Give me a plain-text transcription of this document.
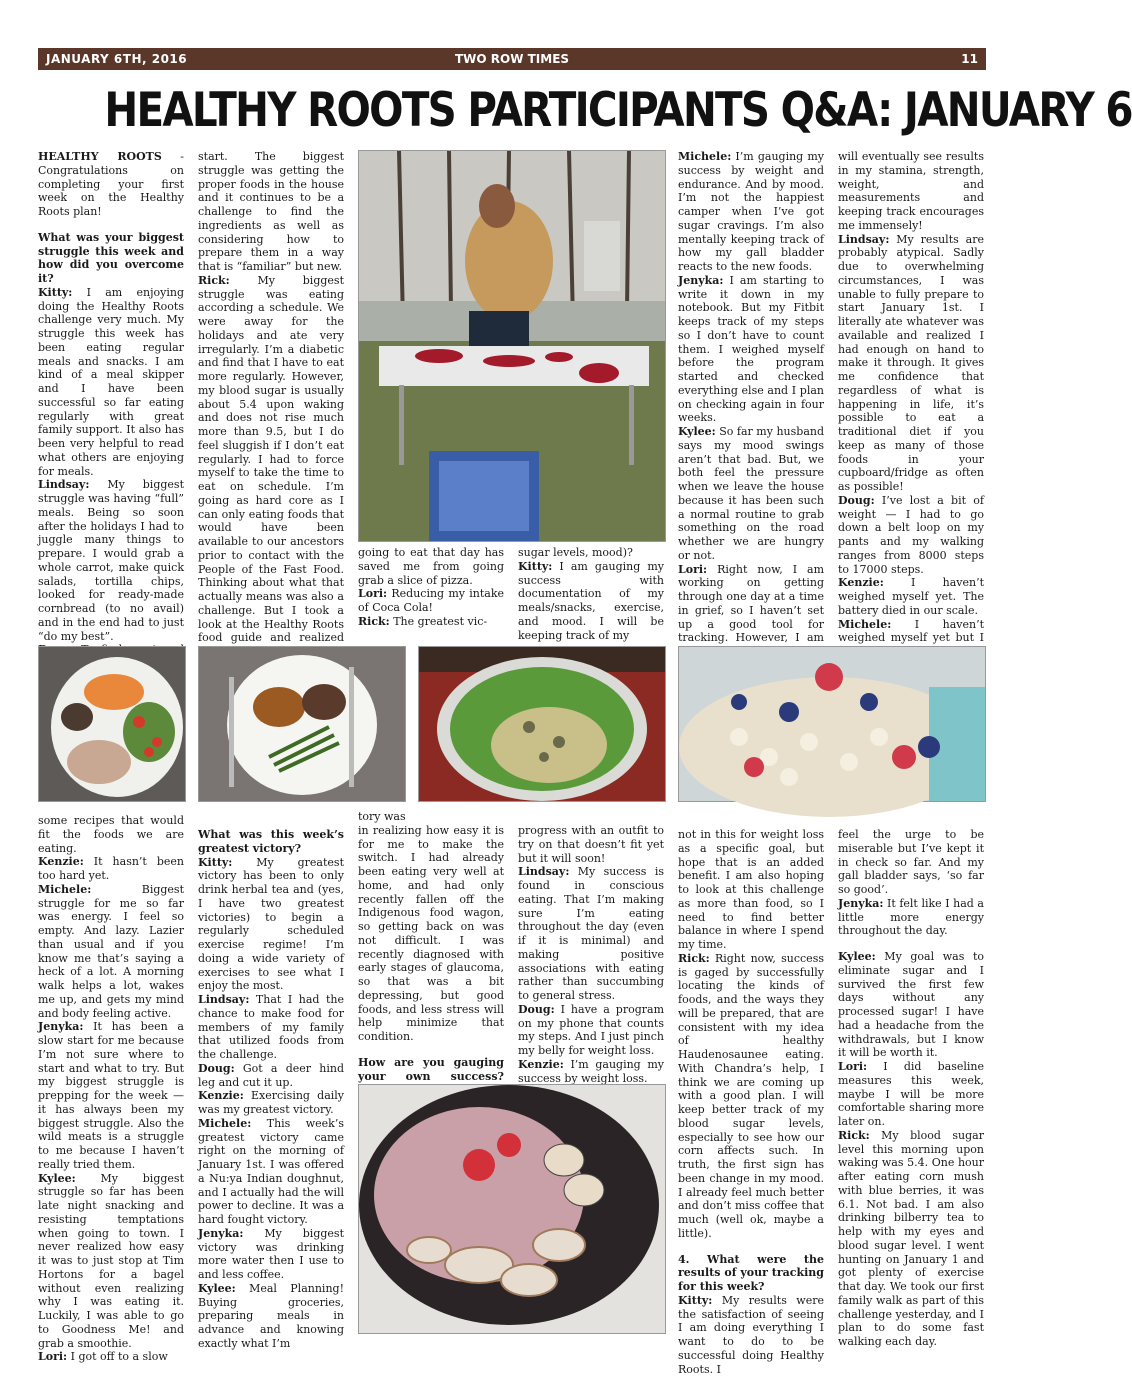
JANUARY 6TH, 2016	TWO ROW TIMES	11
HEALTHY ROOTS PARTICIPANTS Q&A: JANUARY 6

HEALTHY ROOTS - Congratulations on completing your first week on the Healthy Roots plan!

What was your biggest struggle this week and how did you overcome it?

Kitty: I am enjoying doing the Healthy Roots challenge very much. My struggle this week has been eating regular meals and snacks. I am kind of a meal skipper and I have been successful so far eating regularly with great family support. It also has been very helpful to read what others are enjoying for meals.

Lindsay: My biggest struggle was having “full” meals. Being so soon after the holidays I had to juggle many things to prepare. I would grab a whole carrot, make quick salads, tortilla chips, looked for ready-made cornbread (to no avail) and in the end had to just “do my best”.

start. The biggest struggle was getting the proper foods in the house and it continues to be a challenge to find the ingredients as well as considering how to prepare them in a way that is “familiar” but new.

Rick:	My biggest struggle was eating according a schedule. We were away for the holidays and ate very irregularly. I’m a diabetic and find that I have to eat more regularly. However, my blood sugar is usually about 5.4 upon waking and does not rise much more than 9.5, but I do feel sluggish if I don’t eat regularly. I had to force myself to take the time to eat on schedule. I’m going as hard core as I can only eating foods that would have been available to our ancestors prior to contact with the People of the Fast Food. Thinking about what that actually means was also a challenge. But I took a look at the Healthy Roots food guide and realized

going to eat that day has saved me from going grab a slice of pizza.

Lori: Reducing my intake of Coca Cola!

Rick: The greatest vic-

sugar levels, mood)?

Kitty: I am gauging my success with documentation of my meals/snacks, exercise, and mood. I will be keeping track of my

Michele: I’m gauging my success by weight and endurance. And by mood. I’m not the happiest camper when I’ve got sugar cravings. I’m also mentally keeping track of how my gall bladder reacts to the new foods.

Jenyka: I am starting to write it down in my notebook. But my Fitbit keeps track of my steps so I don’t have to count them. I weighed myself before the program started and checked everything else and I plan on checking again in four weeks.

Kylee: So far my husband says my mood swings aren’t that bad. But, we both feel the pressure when we leave the house because it has been such a normal routine to grab something on the road whether we are hungry or not.

Lori: Right now, I am working on getting through one day at a time in grief, so I haven’t set up a good tool for tracking. However, I am

will eventually see results in my stamina, strength, weight, and measurements and keeping track encourages me immensely!

Lindsay: My results are probably atypical. Sadly due to overwhelming circumstances, I was unable to fully prepare to start January 1st. I literally ate whatever was available and realized I had enough on hand to make it through. It gives me confidence that regardless of what is happening in life, it’s possible to eat a traditional diet if you keep as many of those foods in your cupboard/fridge as often as possible!

Doug: I’ve lost a bit of weight — I had to go down a belt loop on my pants and my walking ranges from 8000 steps to 17000 steps.

Kenzie: I haven’t weighed myself yet. The battery died in our scale.

Michele: I haven’t weighed myself yet but I

some recipes that would fit the foods we are eating.

Kenzie: It hasn’t been too hard yet.

Michele: Biggest struggle for me so far was energy. I feel so empty. And lazy. Lazier than usual and if you know me that’s saying a heck of a lot. A morning walk helps a lot, wakes me up, and gets my mind and body feeling active.

Jenyka: It has been a slow start for me because I’m not sure where to start and what to try. But my biggest struggle is prepping for the week — it has always been my biggest struggle. Also the wild meats is a struggle to me because I haven’t really tried them.

Kylee: My biggest struggle so far has been late night snacking and resisting temptations when going to town. I never realized how easy it was to just stop at Tim Hortons for a bagel without even realizing why I was eating it. Luckily, I was able to go to Goodness Me! and grab a smoothie.

Lori: I got off to a slow

What was this week’s greatest victory?

Kitty: My greatest victory has been to only drink herbal tea and (yes, I have two greatest victories) to begin a regularly scheduled exercise regime! I’m doing a wide variety of exercises to see what I enjoy the most.

Lindsay: That I had the chance to make food for members of my family that utilized foods from the challenge.

Doug: Got a deer hind leg and cut it up.

Kenzie: Exercising daily was my greatest victory.

Michele: This week’s greatest victory came right on the morning of January 1st. I was offered a Nu:ya Indian doughnut, and I actually had the will power to decline. It was a hard fought victory.

Jenyka: My biggest victory was drinking more water then I use to and less coffee.

Kylee: Meal Planning! Buying groceries, preparing meals in advance and knowing exactly what I’m

tory was

in realizing how easy it is for me to make the switch. I had already been eating very well at home, and had only recently fallen off the Indigenous food wagon, so getting back on was not difficult. I was recently diagnosed with early stages of glaucoma, so that was a bit depressing, but good foods, and less stress will help minimize that condition.

How are you gauging your own success?

progress with an outfit to try on that doesn’t fit yet but it will soon!

Lindsay: My success is found in conscious eating. That I’m making sure I’m eating throughout the day (even if it is minimal) and making positive associations with eating rather than succumbing to general stress.

Doug: I have a program on my phone that counts my steps. And I just pinch my belly for weight loss.

Kenzie: I’m gauging my success by weight loss.

not in this for weight loss as a specific goal, but hope that is an added benefit. I am also hoping to look at this challenge as more than food, so I need to find better balance in where I spend my time.

Rick: Right now, success is gaged by successfully locating the kinds of foods, and the ways they will be prepared, that are consistent with my idea of healthy Haudenosaunee eating. With Chandra’s help, I think we are coming up with a good plan. I will keep better track of my blood sugar levels, especially to see how our corn affects such. In truth, the first sign has been change in my mood. I already feel much better and don’t miss coffee that much (well ok, maybe a little).

4. What were the results of your tracking for this week?

Kitty: My results were the satisfaction of seeing I am doing everything I want to do to be successful doing Healthy Roots. I

feel the urge to be miserable but I’ve kept it in check so far. And my gall bladder says, ‘so far so good’.

Jenyka: It felt like I had a little more energy throughout the day.

Kylee: My goal was to eliminate sugar and I survived the first few days without any processed sugar! I have had a headache from the withdrawals, but I know it will be worth it.

Lori: I did baseline measures this week, maybe I will be more comfortable sharing more later on.

Rick: My blood sugar level this morning upon waking was 5.4. One hour after eating corn mush with blue berries, it was 6.1. Not bad. I am also drinking bilberry tea to help with my eyes and blood sugar level. I went hunting on January 1 and got plenty of exercise that day. We took our first family walk as part of this challenge yesterday, and I plan to do some fast walking each day.
